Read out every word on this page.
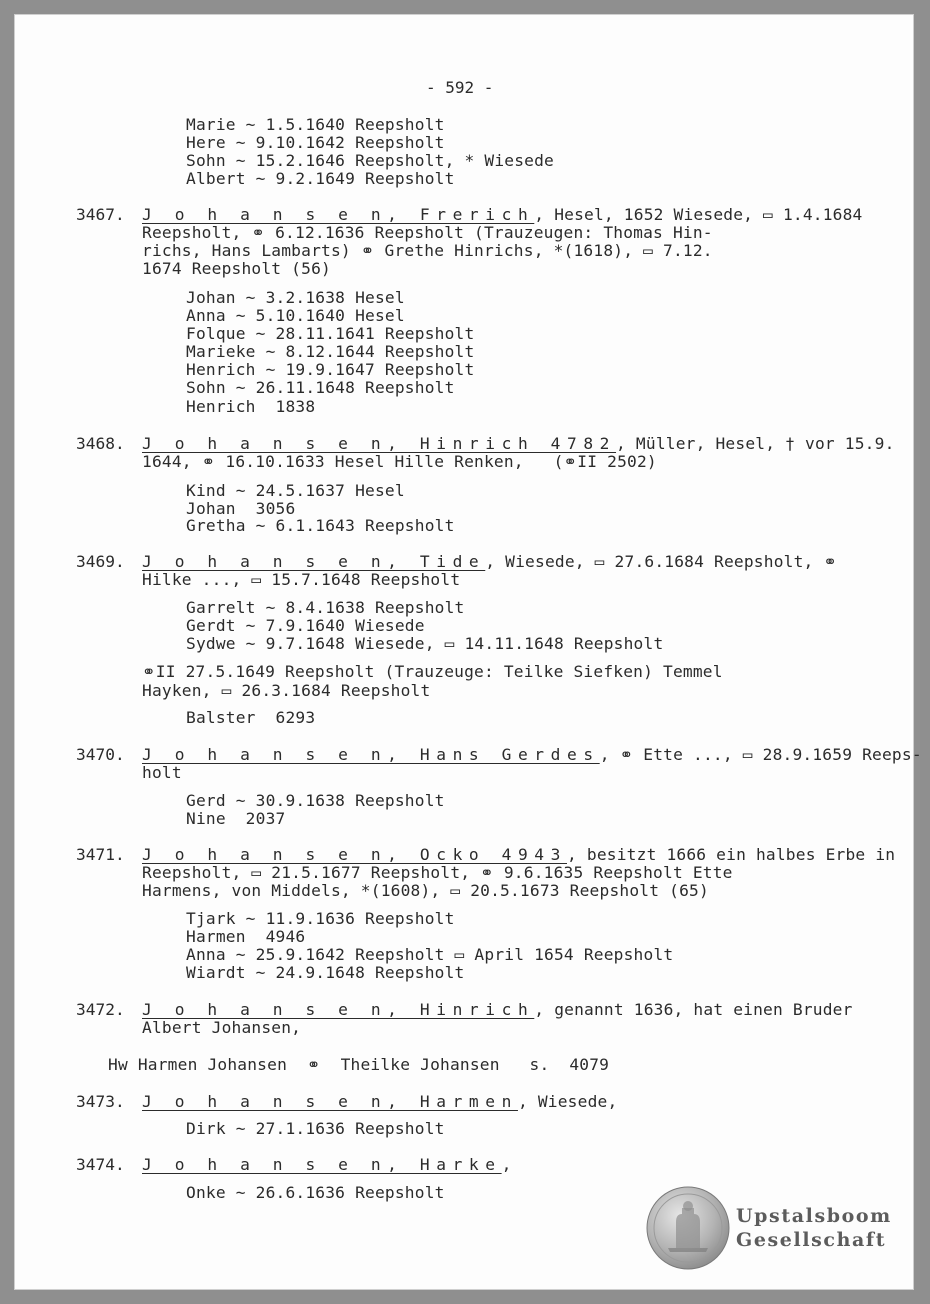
- 592 -
Marie ~ 1.5.1640 Reepsholt
Here ~ 9.10.1642 Reepsholt
Sohn ~ 15.2.1646 Reepsholt, * Wiesede
Albert ~ 9.2.1649 Reepsholt
3467. J o h a n s e n, Frerich, Hesel, 1652 Wiesede, ▭ 1.4.1684
Reepsholt, ⚭ 6.12.1636 Reepsholt (Trauzeugen: Thomas Hin-
richs, Hans Lambarts) ⚭ Grethe Hinrichs, *(1618), ▭ 7.12.
1674 Reepsholt (56)
Johan ~ 3.2.1638 Hesel
Anna ~ 5.10.1640 Hesel
Folque ~ 28.11.1641 Reepsholt
Marieke ~ 8.12.1644 Reepsholt
Henrich ~ 19.9.1647 Reepsholt
Sohn ~ 26.11.1648 Reepsholt
Henrich  1838
3468. J o h a n s e n, Hinrich 4782, Müller, Hesel, † vor 15.9.
1644, ⚭ 16.10.1633 Hesel Hille Renken,   (⚭II 2502)
Kind ~ 24.5.1637 Hesel
Johan  3056
Gretha ~ 6.1.1643 Reepsholt
3469. J o h a n s e n, Tide, Wiesede, ▭ 27.6.1684 Reepsholt, ⚭
Hilke ..., ▭ 15.7.1648 Reepsholt
Garrelt ~ 8.4.1638 Reepsholt
Gerdt ~ 7.9.1640 Wiesede
Sydwe ~ 9.7.1648 Wiesede, ▭ 14.11.1648 Reepsholt
⚭II 27.5.1649 Reepsholt (Trauzeuge: Teilke Siefken) Temmel
Hayken, ▭ 26.3.1684 Reepsholt
Balster  6293
3470. J o h a n s e n, Hans Gerdes, ⚭ Ette ..., ▭ 28.9.1659 Reeps-
holt
Gerd ~ 30.9.1638 Reepsholt
Nine  2037
3471. J o h a n s e n, Ocko 4943, besitzt 1666 ein halbes Erbe in
Reepsholt, ▭ 21.5.1677 Reepsholt, ⚭ 9.6.1635 Reepsholt Ette
Harmens, von Middels, *(1608), ▭ 20.5.1673 Reepsholt (65)
Tjark ~ 11.9.1636 Reepsholt
Harmen  4946
Anna ~ 25.9.1642 Reepsholt ▭ April 1654 Reepsholt
Wiardt ~ 24.9.1648 Reepsholt
3472. J o h a n s e n, Hinrich, genannt 1636, hat einen Bruder
Albert Johansen,
Hw Harmen Johansen  ⚭  Theilke Johansen   s.  4079
3473. J o h a n s e n, Harmen, Wiesede,
Dirk ~ 27.1.1636 Reepsholt
3474. J o h a n s e n, Harke,
Onke ~ 26.6.1636 Reepsholt
Upstalsboom
Gesellschaft
